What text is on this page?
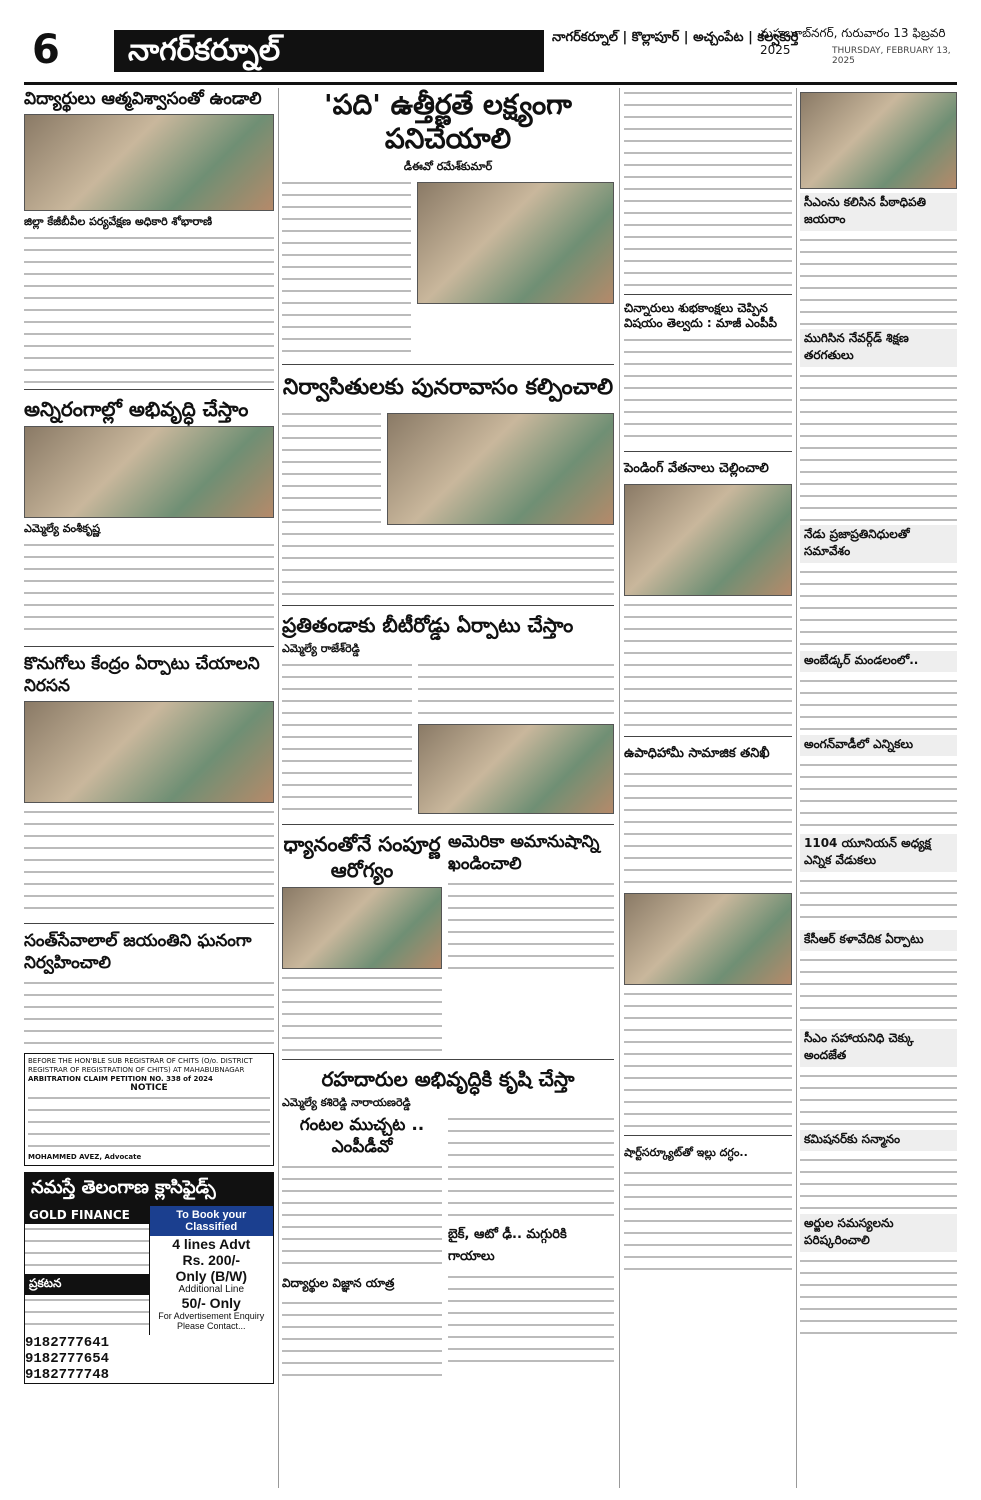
6	నాగర్‌కర్నూల్	నాగర్‌కర్నూల్ | కొల్లాపూర్ | అచ్చంపేట | కల్వకుర్తి
మహబూబ్‌నగర్, గురువారం 13 ఫిబ్రవరి 2025	THURSDAY, FEBRUARY 13, 2025
విద్యార్థులు ఆత్మవిశ్వాసంతో ఉండాలి
జిల్లా కేజీబీవీల పర్యవేక్షణ అధికారి శోభారాణి
అన్నిరంగాల్లో అభివృద్ధి చేస్తాం
ఎమ్మెల్యే వంశీకృష్ణ
కొనుగోలు కేంద్రం ఏర్పాటు చేయాలని నిరసన
సంత్‌సేవాలాల్ జయంతిని ఘనంగా నిర్వహించాలి
BEFORE THE HON'BLE SUB REGISTRAR OF CHITS (O/o. DISTRICT REGISTRAR OF REGISTRATION OF CHITS) AT MAHABUBNAGAR
ARBITRATION CLAIM PETITION NO. 338 of 2024
NOTICE
MOHAMMED AVEZ, Advocate
నమస్తే తెలంగాణ క్లాసిఫైడ్స్
GOLD FINANCE
ప్రకటన
To Book your Classified
4 lines Advt
Rs. 200/-
Only (B/W)
Additional Line
50/- Only
For Advertisement Enquiry
Please Contact...
9182777641
9182777654
9182777748
'పది' ఉత్తీర్ణతే లక్ష్యంగా పనిచేయాలి
డీఈవో రమేశ్‌కుమార్
నిర్వాసితులకు పునరావాసం కల్పించాలి
ప్రతితండాకు బీటీరోడ్డు ఏర్పాటు చేస్తాం
ఎమ్మెల్యే రాజేశ్‌రెడ్డి
ధ్యానంతోనే సంపూర్ణ ఆరోగ్యం
అమెరికా అమానుషాన్ని ఖండించాలి
రహదారుల అభివృద్ధికి కృషి చేస్తా
ఎమ్మెల్యే కశిరెడ్డి నారాయణరెడ్డి
గంటల ముచ్చట .. ఎంపీడీవో
విద్యార్థుల విజ్ఞాన యాత్ర
బైక్, ఆటో ఢీ.. మగ్గురికి గాయాలు
చిన్నారులు శుభకాంక్షలు చెప్పిన విషయం తెల్వదు : మాజీ ఎంపీపీ
పెండింగ్ వేతనాలు చెల్లించాలి
ఉపాధిహామీ సామాజిక తనిఖీ
షార్ట్‌సర్క్యూట్‌తో ఇల్లు దగ్ధం..
సీఎంను కలిసిన పీఠాధిపతి జయరాం
ముగిసిన నేవర్గ్‌డ్ శిక్షణ తరగతులు
నేడు ప్రజాప్రతినిధులతో సమావేశం
అంబేడ్కర్ మండలంలో..
అంగన్‌వాడీలో ఎన్నికలు
1104 యూనియన్ అధ్యక్ష ఎన్నిక వేడుకలు
కేసీఆర్ కళావేదిక ఏర్పాటు
సీఎం సహాయనిధి చెక్కు అందజేత
కమిషనర్‌కు సన్మానం
అర్జుల సమస్యలను పరిష్కరించాలి
